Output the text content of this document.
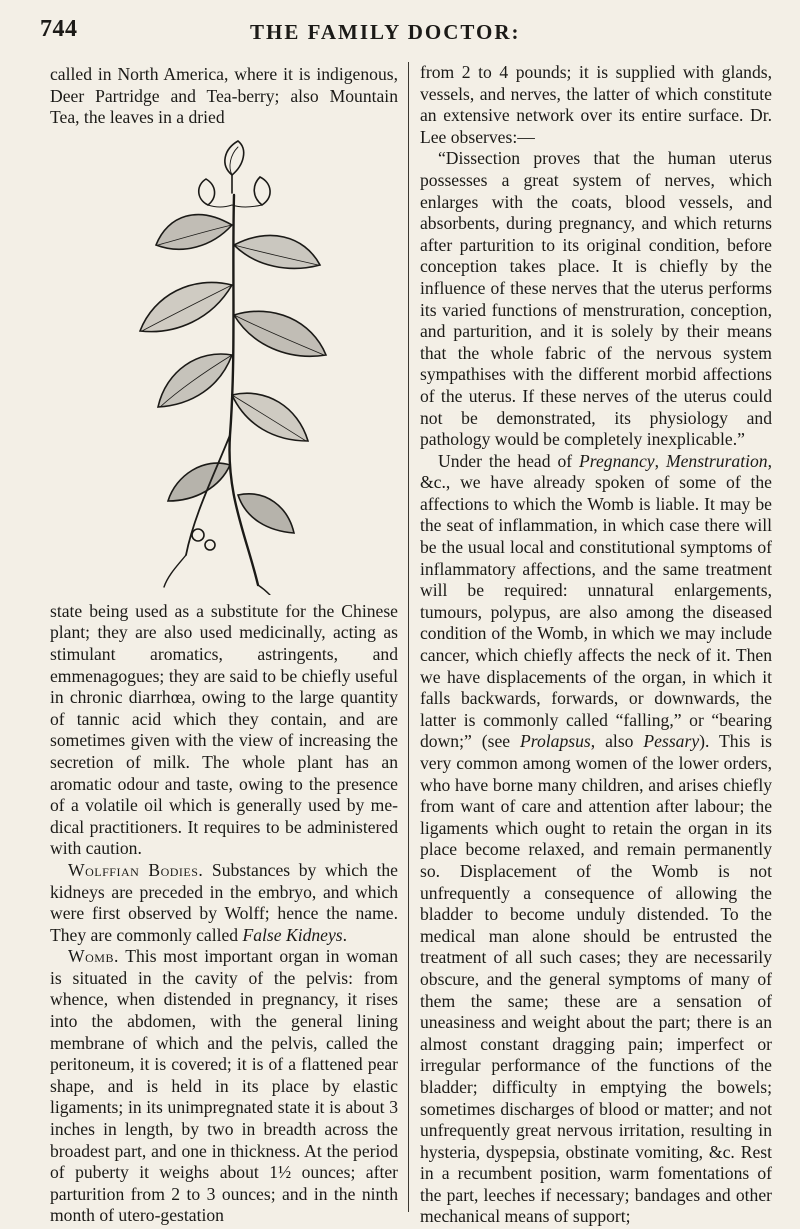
744	THE FAMILY DOCTOR:

called in North America, where it is indigenous, Deer Partridge and Tea-berry; also Mountain Tea, the leaves in a dried

state being used as a substitute for the Chinese plant; they are also used medicinally, acting as stimulant aromatics, astringents, and emmenagogues; they are said to be chiefly useful in chronic diarrhœa, owing to the large quantity of tannic acid which they contain, and are sometimes given with the view of increasing the secretion of milk. The whole plant has an aromatic odour and taste, owing to the presence of a volatile oil which is generally used by medical practitioners. It requires to be administered with caution.

Wolffian Bodies. Substances by which the kidneys are preceded in the embryo, and which were first observed by Wolff; hence the name. They are commonly called False Kidneys.

Womb. This most important organ in woman is situated in the cavity of the pelvis: from whence, when distended in pregnancy, it rises into the abdomen, with the general lining membrane of which and the pelvis, called the peritoneum, it is covered; it is of a flattened pear shape, and is held in its place by elastic ligaments; in its unimpregnated state it is about 3 inches in length, by two in breadth across the broadest part, and one in thickness. At the period of puberty it weighs about 1½ ounces; after parturition from 2 to 3 ounces; and in the ninth month of utero-gestation

from 2 to 4 pounds; it is supplied with glands, vessels, and nerves, the latter of which constitute an extensive network over its entire surface. Dr. Lee observes:—

“Dissection proves that the human uterus possesses a great system of nerves, which enlarges with the coats, blood vessels, and absorbents, during pregnancy, and which returns after parturition to its original condition, before conception takes place. It is chiefly by the influence of these nerves that the uterus performs its varied functions of menstruration, conception, and parturition, and it is solely by their means that the whole fabric of the nervous system sympathises with the different morbid affections of the uterus. If these nerves of the uterus could not be demonstrated, its physiology and pathology would be completely inexplicable.”

Under the head of Pregnancy, Menstruration, &c., we have already spoken of some of the affections to which the Womb is liable. It may be the seat of inflammation, in which case there will be the usual local and constitutional symptoms of inflammatory affections, and the same treatment will be required: unnatural enlargements, tumours, polypus, are also among the diseased condition of the Womb, in which we may include cancer, which chiefly affects the neck of it. Then we have displacements of the organ, in which it falls backwards, forwards, or downwards, the latter is commonly called “falling,” or “bearing down;” (see Prolapsus, also Pessary). This is very common among women of the lower orders, who have borne many children, and arises chiefly from want of care and attention after labour; the ligaments which ought to retain the organ in its place become relaxed, and remain permanently so. Displacement of the Womb is not unfrequently a consequence of allowing the bladder to become unduly distended. To the medical man alone should be entrusted the treatment of all such cases; they are necessarily obscure, and the general symptoms of many of them the same; these are a sensation of uneasiness and weight about the part; there is an almost constant dragging pain; imperfect or irregular performance of the functions of the bladder; difficulty in emptying the bowels; sometimes discharges of blood or matter; and not unfrequently great nervous irritation, resulting in hysteria, dyspepsia, obstinate vomiting, &c. Rest in a recumbent position, warm fomentations of the part, leeches if necessary; bandages and other mechanical means of support;
